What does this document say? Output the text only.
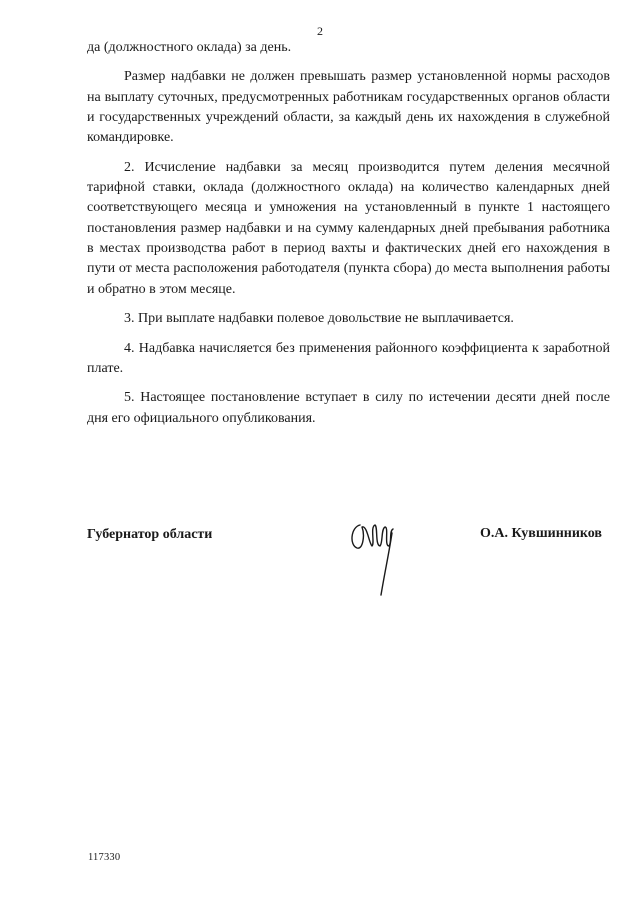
2

да (должностного оклада) за день.

Размер надбавки не должен превышать размер установленной нормы расходов на выплату суточных, предусмотренных работникам государственных органов области и государственных учреждений области, за каждый день их нахождения в служебной командировке.

2. Исчисление надбавки за месяц производится путем деления месячной тарифной ставки, оклада (должностного оклада) на количество календарных дней соответствующего месяца и умножения на установленный в пункте 1 настоящего постановления размер надбавки и на сумму календарных дней пребывания работника в местах производства работ в период вахты и фактических дней его нахождения в пути от места расположения работодателя (пункта сбора) до места выполнения работы и обратно в этом месяце.

3. При выплате надбавки полевое довольствие не выплачивается.

4. Надбавка начисляется без применения районного коэффициента к заработной плате.

5. Настоящее постановление вступает в силу по истечении десяти дней после дня его официального опубликования.

Губернатор области	О.А. Кувшинников
117330
